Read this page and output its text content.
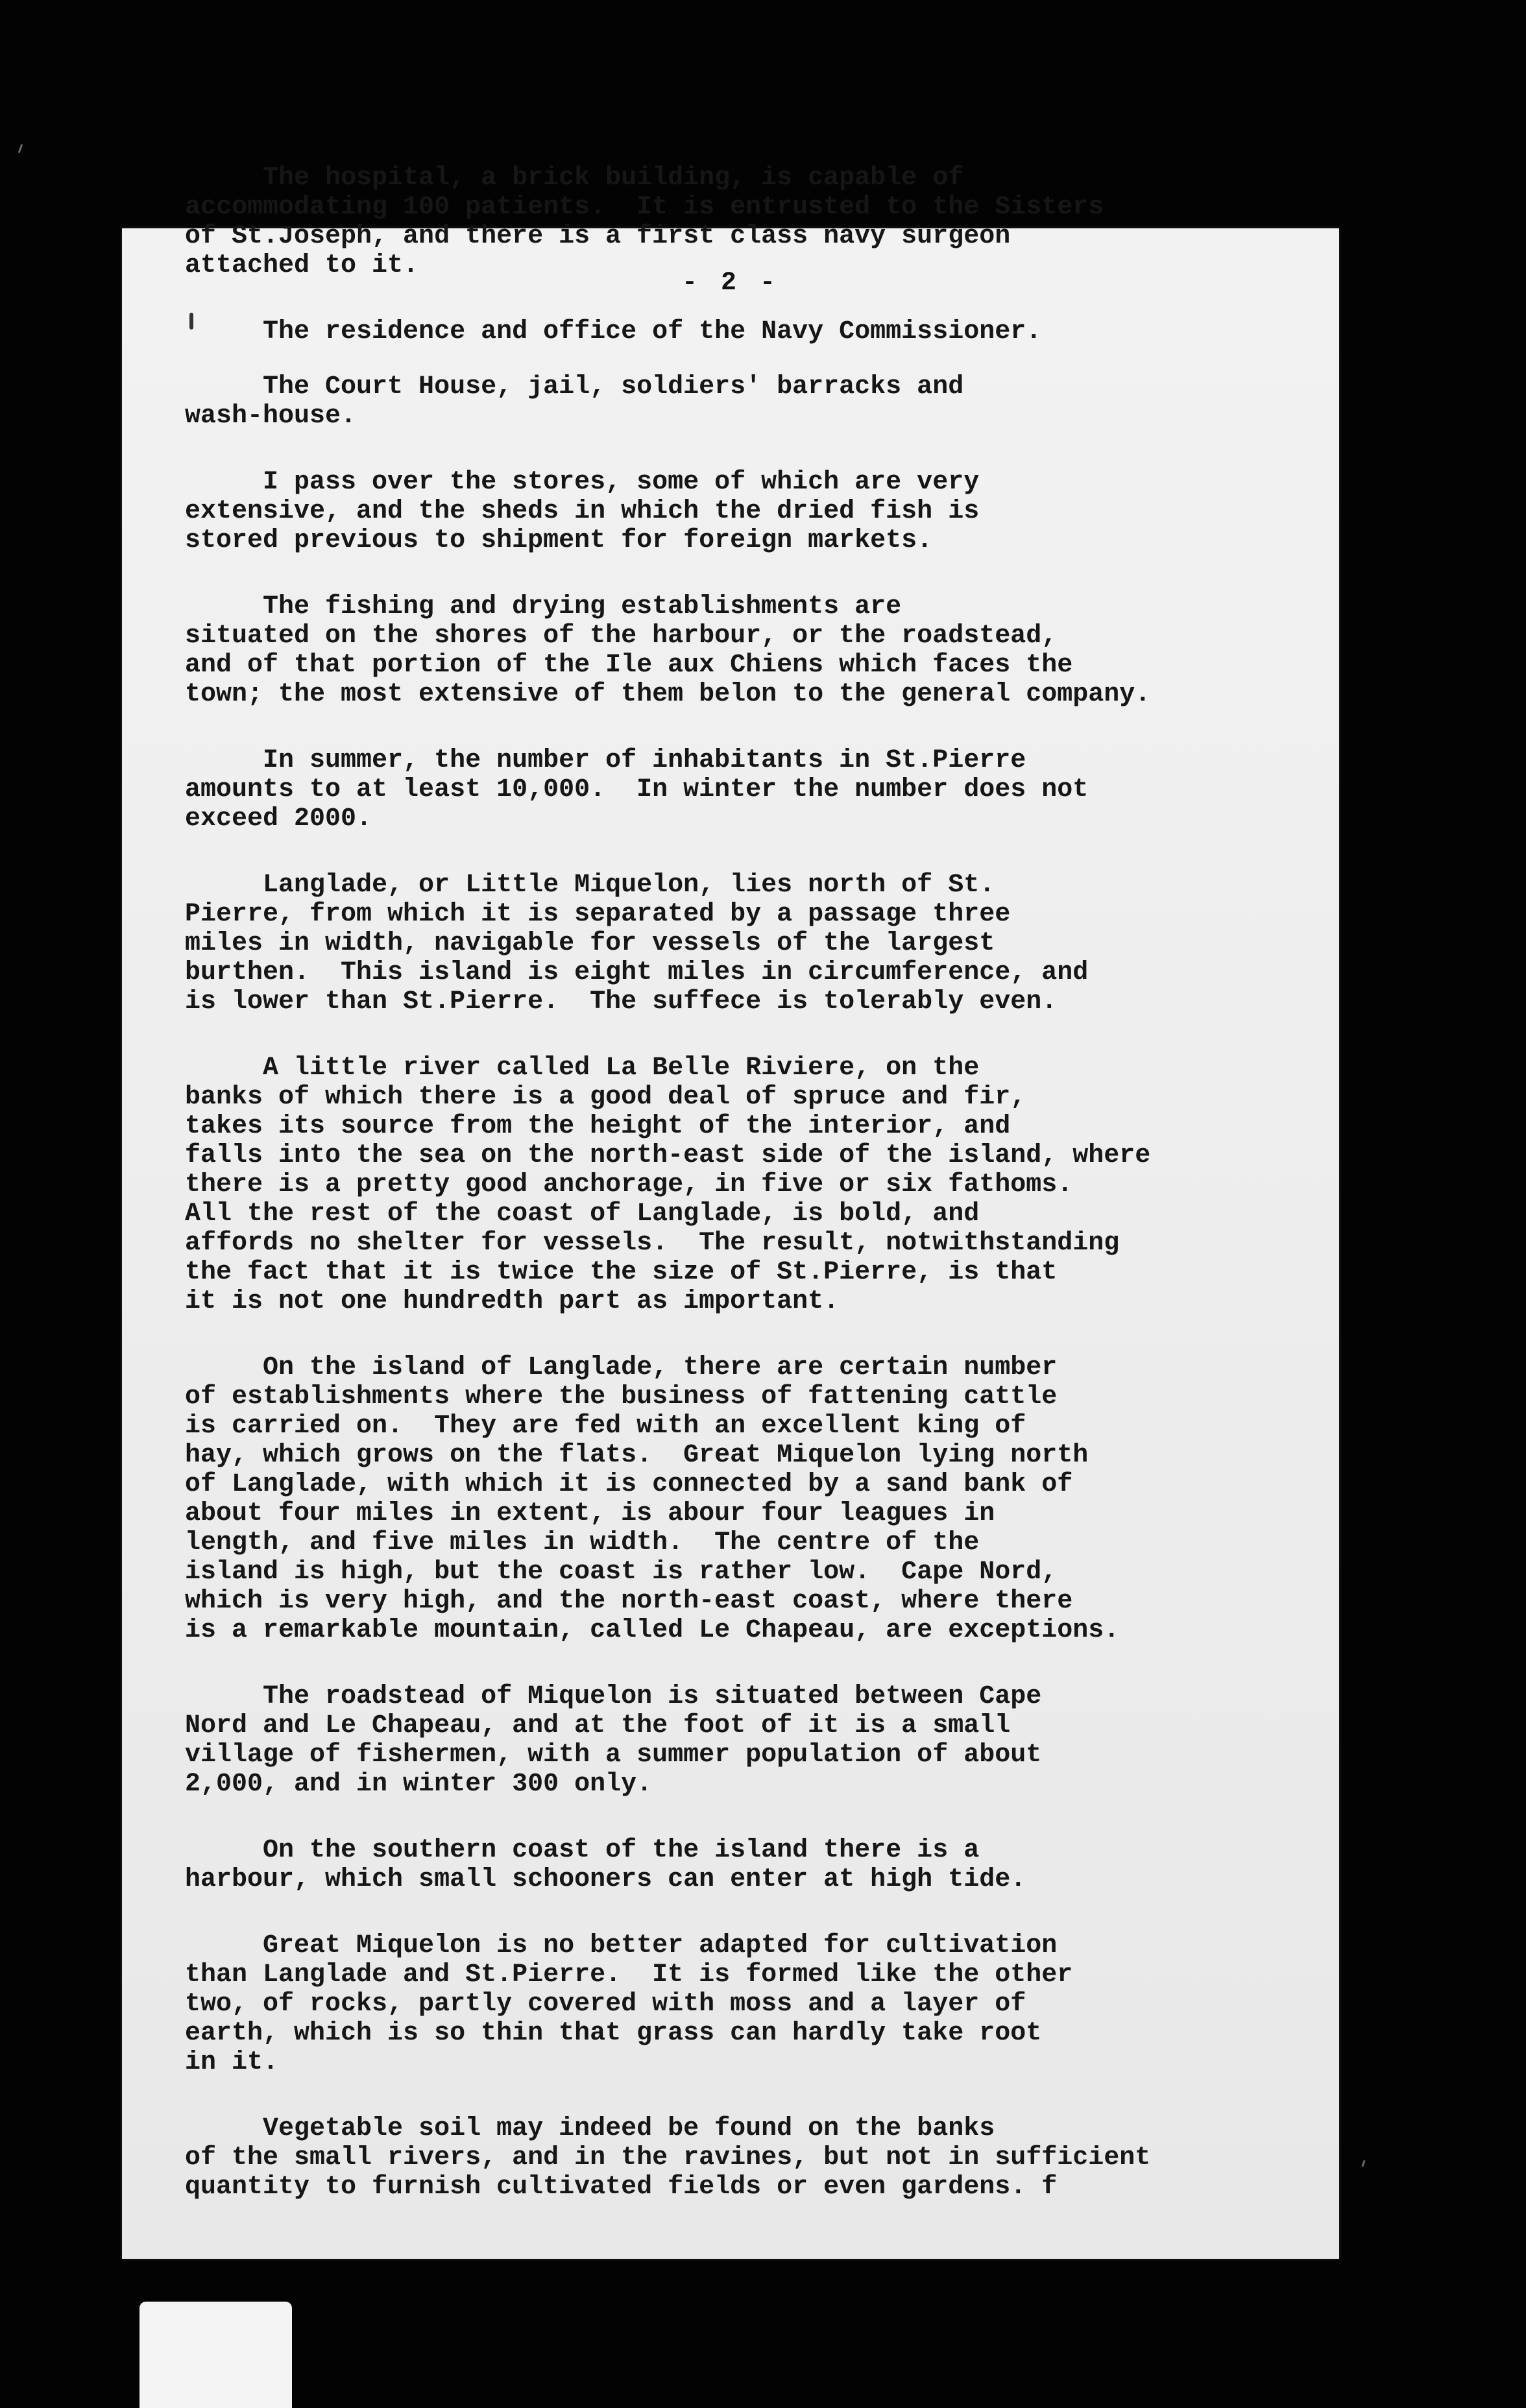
- 2 -

The hospital, a brick building, is capable of
accommodating 100 patients.  It is entrusted to the Sisters
of St.Joseph, and there is a first class navy surgeon
attached to it.

The residence and office of the Navy Commissioner.

The Court House, jail, soldiers' barracks and
wash-house.

I pass over the stores, some of which are very
extensive, and the sheds in which the dried fish is
stored previous to shipment for foreign markets.

The fishing and drying establishments are
situated on the shores of the harbour, or the roadstead,
and of that portion of the Ile aux Chiens which faces the
town; the most extensive of them belon to the general company.

In summer, the number of inhabitants in St.Pierre
amounts to at least 10,000.  In winter the number does not
exceed 2000.

Langlade, or Little Miquelon, lies north of St.
Pierre, from which it is separated by a passage three
miles in width, navigable for vessels of the largest
burthen.  This island is eight miles in circumference, and
is lower than St.Pierre.  The suffece is tolerably even.

A little river called La Belle Riviere, on the
banks of which there is a good deal of spruce and fir,
takes its source from the height of the interior, and
falls into the sea on the north-east side of the island, where
there is a pretty good anchorage, in five or six fathoms.
All the rest of the coast of Langlade, is bold, and
affords no shelter for vessels.  The result, notwithstanding
the fact that it is twice the size of St.Pierre, is that
it is not one hundredth part as important.

On the island of Langlade, there are certain number
of establishments where the business of fattening cattle
is carried on.  They are fed with an excellent king of
hay, which grows on the flats.  Great Miquelon lying north
of Langlade, with which it is connected by a sand bank of
about four miles in extent, is abour four leagues in
length, and five miles in width.  The centre of the
island is high, but the coast is rather low.  Cape Nord,
which is very high, and the north-east coast, where there
is a remarkable mountain, called Le Chapeau, are exceptions.

The roadstead of Miquelon is situated between Cape
Nord and Le Chapeau, and at the foot of it is a small
village of fishermen, with a summer population of about
2,000, and in winter 300 only.

On the southern coast of the island there is a
harbour, which small schooners can enter at high tide.

Great Miquelon is no better adapted for cultivation
than Langlade and St.Pierre.  It is formed like the other
two, of rocks, partly covered with moss and a layer of
earth, which is so thin that grass can hardly take root
in it.

Vegetable soil may indeed be found on the banks
of the small rivers, and in the ravines, but not in sufficient
quantity to furnish cultivated fields or even gardens. f
